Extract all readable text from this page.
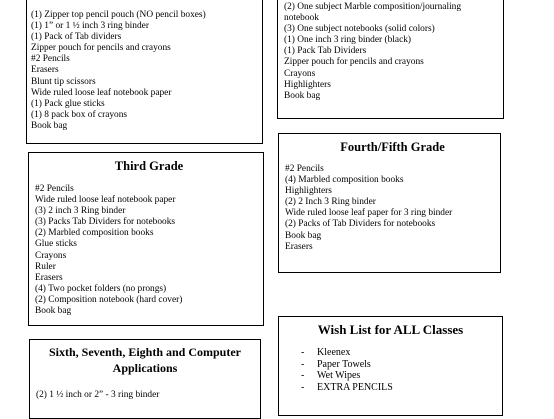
(1) Zipper top pencil pouch (NO pencil boxes)
(1) 1” or 1 ½ inch 3 ring binder
(1) Pack of Tab dividers
Zipper pouch for pencils and crayons
#2 Pencils
Erasers
Blunt tip scissors
Wide ruled loose leaf notebook paper
(1) Pack glue sticks
(1) 8 pack box of crayons
Book bag
(2) One subject Marble composition/journaling
notebook
(3) One subject notebooks (solid colors)
(1) One inch 3 ring binder (black)
(1) Pack Tab Dividers
Zipper pouch for pencils and crayons
Crayons
Highlighters
Book bag
Third Grade
#2 Pencils
Wide ruled loose leaf notebook paper
(3) 2 inch 3 Ring binder
(3) Packs Tab Dividers for notebooks
(2) Marbled composition books
Glue sticks
Crayons
Ruler
Erasers
(4) Two pocket folders (no prongs)
(2) Composition notebook (hard cover)
Book bag
Fourth/Fifth Grade
#2 Pencils
(4) Marbled composition books
Highlighters
(2) 2 Inch 3 Ring binder
Wide ruled loose leaf paper for 3 ring binder
(2) Packs of Tab Dividers for notebooks
Book bag
Erasers
Sixth, Seventh, Eighth and Computer
Applications
(2) 1 ½ inch or 2” - 3 ring binder
Wish List for ALL Classes
- Kleenex
- Paper Towels
- Wet Wipes
- EXTRA PENCILS
